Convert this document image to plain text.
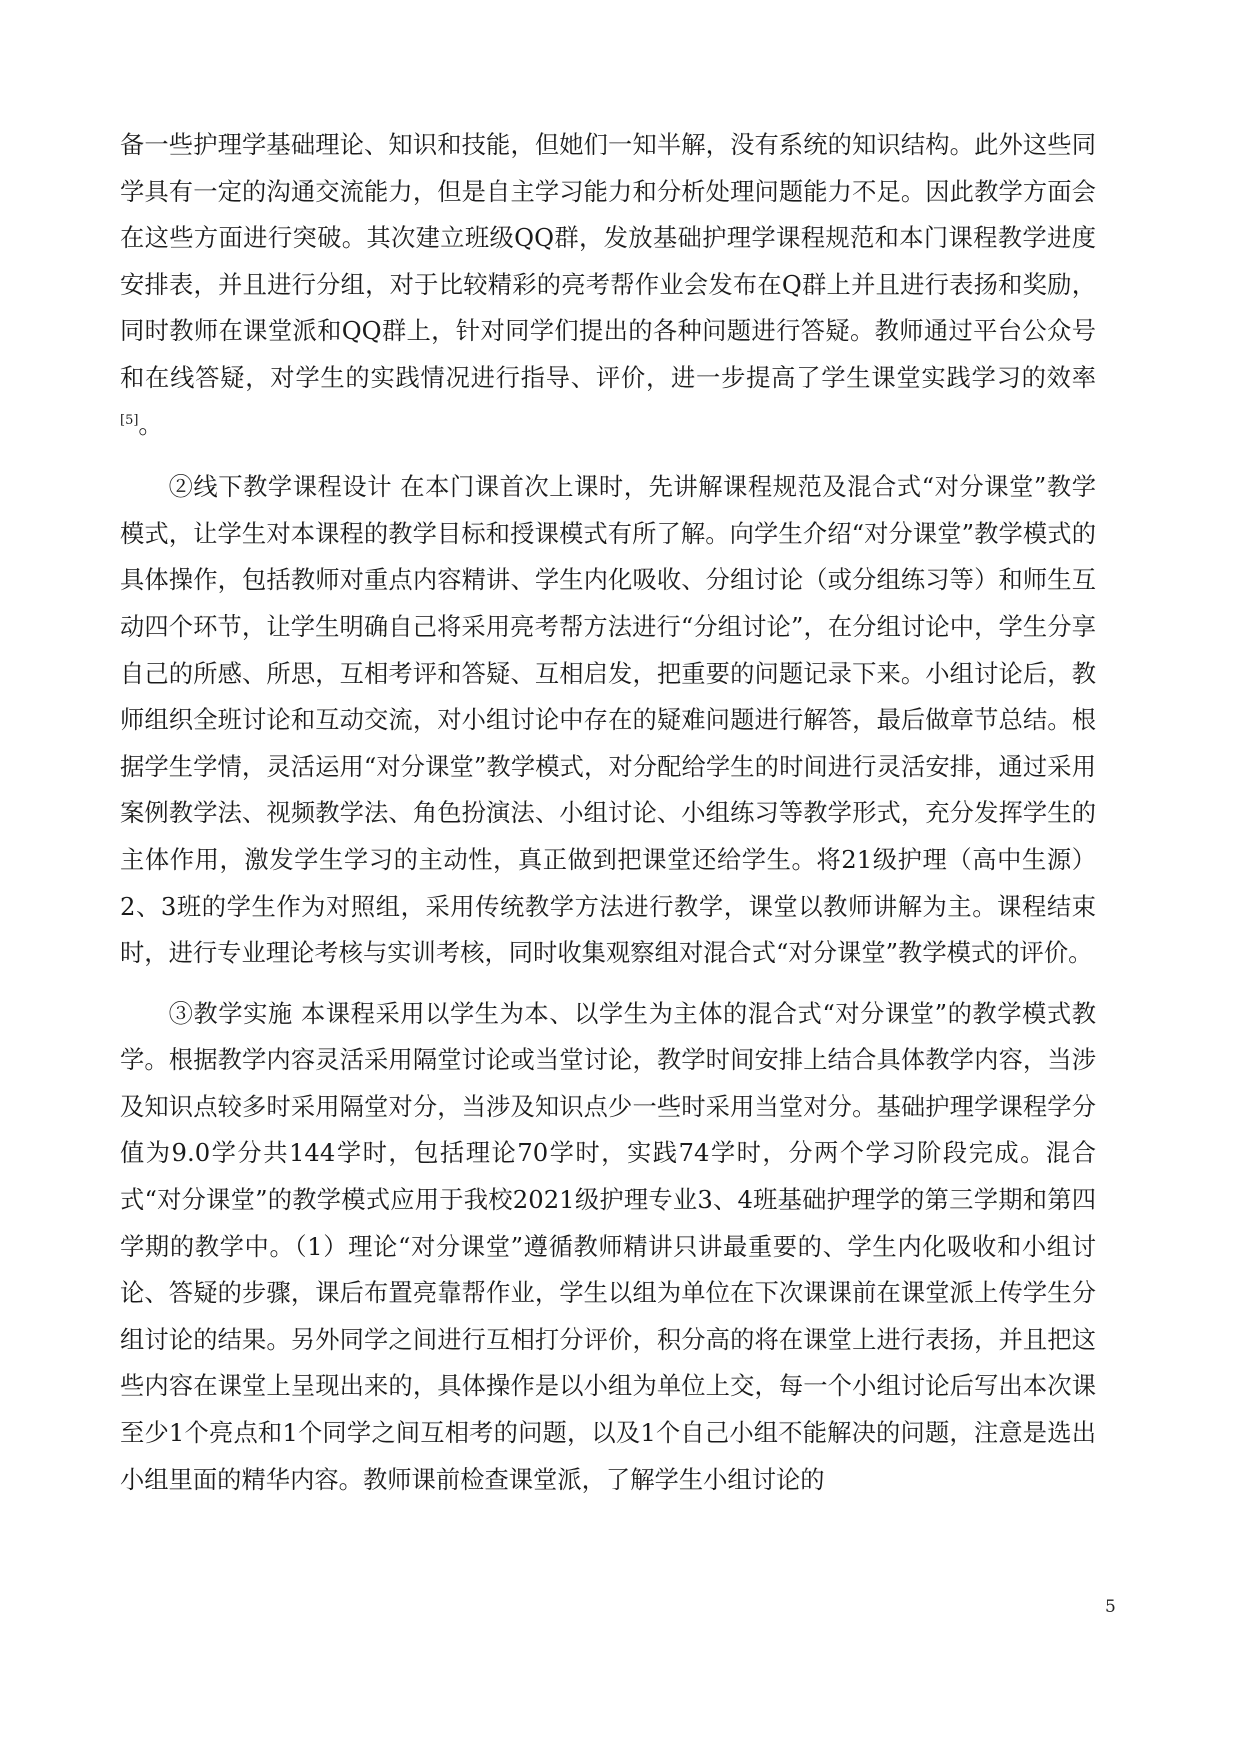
备一些护理学基础理论、知识和技能，但她们一知半解，没有系统的知识结构。此外这些同学具有一定的沟通交流能力，但是自主学习能力和分析处理问题能力不足。因此教学方面会在这些方面进行突破。其次建立班级QQ群，发放基础护理学课程规范和本门课程教学进度安排表，并且进行分组，对于比较精彩的亮考帮作业会发布在Q群上并且进行表扬和奖励，同时教师在课堂派和QQ群上，针对同学们提出的各种问题进行答疑。教师通过平台公众号和在线答疑，对学生的实践情况进行指导、评价，进一步提高了学生课堂实践学习的效率[5]。

②线下教学课程设计 在本门课首次上课时，先讲解课程规范及混合式“对分课堂”教学模式，让学生对本课程的教学目标和授课模式有所了解。向学生介绍“对分课堂”教学模式的具体操作，包括教师对重点内容精讲、学生内化吸收、分组讨论（或分组练习等）和师生互动四个环节，让学生明确自己将采用亮考帮方法进行“分组讨论”，在分组讨论中，学生分享自己的所感、所思，互相考评和答疑、互相启发，把重要的问题记录下来。小组讨论后，教师组织全班讨论和互动交流，对小组讨论中存在的疑难问题进行解答，最后做章节总结。根据学生学情，灵活运用“对分课堂”教学模式，对分配给学生的时间进行灵活安排，通过采用案例教学法、视频教学法、角色扮演法、小组讨论、小组练习等教学形式，充分发挥学生的主体作用，激发学生学习的主动性，真正做到把课堂还给学生。将21级护理（高中生源）2、3班的学生作为对照组，采用传统教学方法进行教学，课堂以教师讲解为主。课程结束时，进行专业理论考核与实训考核，同时收集观察组对混合式“对分课堂”教学模式的评价。

③教学实施 本课程采用以学生为本、以学生为主体的混合式“对分课堂”的教学模式教学。根据教学内容灵活采用隔堂讨论或当堂讨论，教学时间安排上结合具体教学内容，当涉及知识点较多时采用隔堂对分，当涉及知识点少一些时采用当堂对分。基础护理学课程学分值为9.0学分共144学时，包括理论70学时，实践74学时，分两个学习阶段完成。混合式“对分课堂”的教学模式应用于我校2021级护理专业3、4班基础护理学的第三学期和第四学期的教学中。（1）理论“对分课堂”遵循教师精讲只讲最重要的、学生内化吸收和小组讨论、答疑的步骤，课后布置亮靠帮作业，学生以组为单位在下次课课前在课堂派上传学生分组讨论的结果。另外同学之间进行互相打分评价，积分高的将在课堂上进行表扬，并且把这些内容在课堂上呈现出来的，具体操作是以小组为单位上交，每一个小组讨论后写出本次课至少1个亮点和1个同学之间互相考的问题，以及1个自己小组不能解决的问题，注意是选出小组里面的精华内容。教师课前检查课堂派，了解学生小组讨论的

5
